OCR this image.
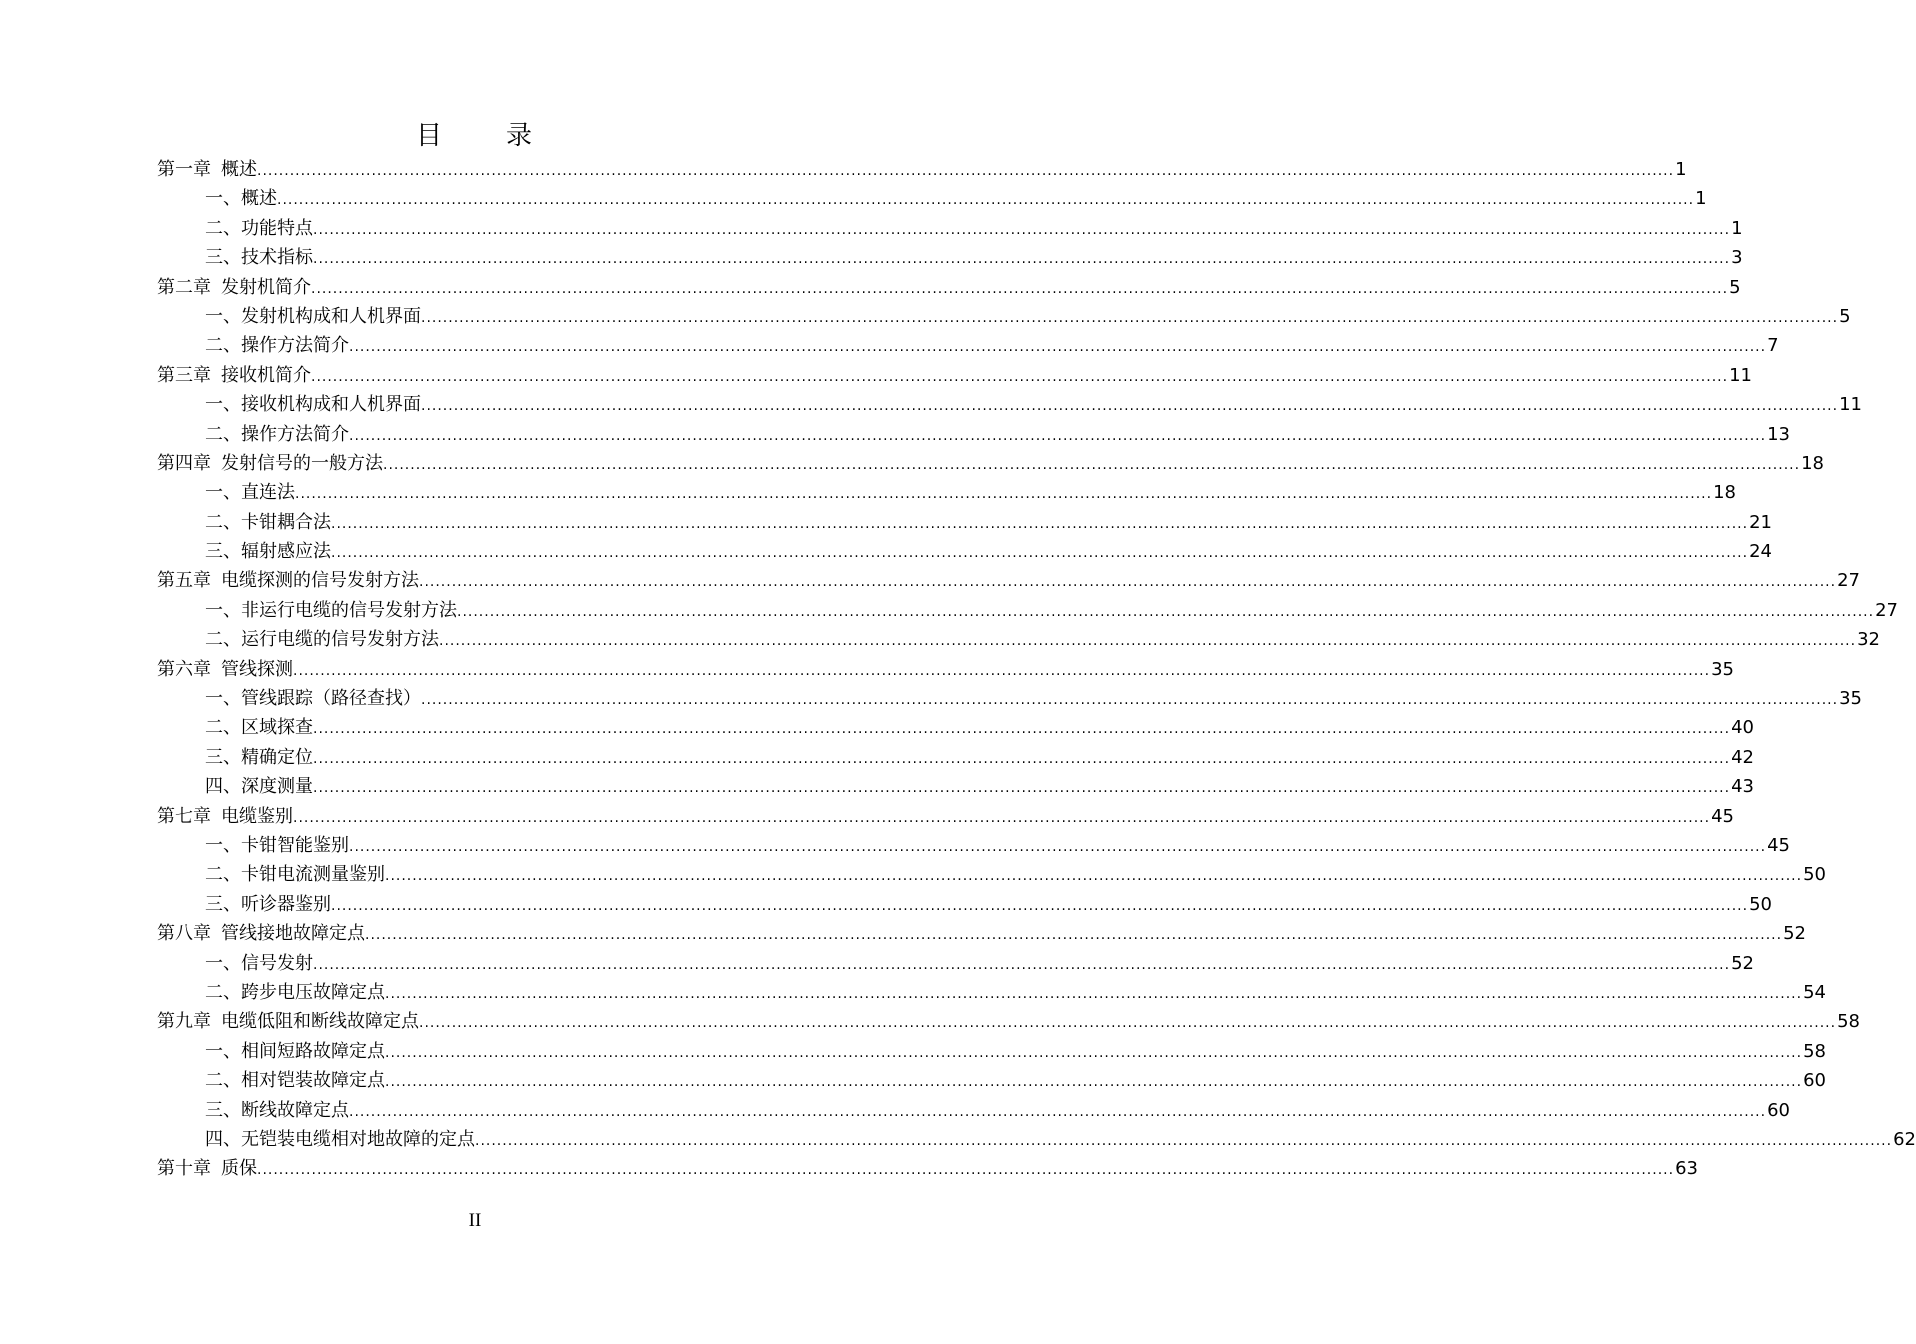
目 录
第一章 概述 .................................................................................................................................................................................................................................................................... 1
一、概述 .................................................................................................................................................................................................................................................................... 1
二、功能特点 .................................................................................................................................................................................................................................................................... 1
三、技术指标 .................................................................................................................................................................................................................................................................... 3
第二章 发射机简介 .................................................................................................................................................................................................................................................................... 5
一、发射机构成和人机界面 .................................................................................................................................................................................................................................................................... 5
二、操作方法简介 .................................................................................................................................................................................................................................................................... 7
第三章 接收机简介 .................................................................................................................................................................................................................................................................... 11
一、接收机构成和人机界面 .................................................................................................................................................................................................................................................................... 11
二、操作方法简介 .................................................................................................................................................................................................................................................................... 13
第四章 发射信号的一般方法 .................................................................................................................................................................................................................................................................... 18
一、直连法 .................................................................................................................................................................................................................................................................... 18
二、卡钳耦合法 .................................................................................................................................................................................................................................................................... 21
三、辐射感应法 .................................................................................................................................................................................................................................................................... 24
第五章 电缆探测的信号发射方法 .................................................................................................................................................................................................................................................................... 27
一、非运行电缆的信号发射方法 .................................................................................................................................................................................................................................................................... 27
二、运行电缆的信号发射方法 .................................................................................................................................................................................................................................................................... 32
第六章 管线探测 .................................................................................................................................................................................................................................................................... 35
一、管线跟踪（路径查找） .................................................................................................................................................................................................................................................................... 35
二、区域探查 .................................................................................................................................................................................................................................................................... 40
三、精确定位 .................................................................................................................................................................................................................................................................... 42
四、深度测量 .................................................................................................................................................................................................................................................................... 43
第七章 电缆鉴别 .................................................................................................................................................................................................................................................................... 45
一、卡钳智能鉴别 .................................................................................................................................................................................................................................................................... 45
二、卡钳电流测量鉴别 .................................................................................................................................................................................................................................................................... 50
三、听诊器鉴别 .................................................................................................................................................................................................................................................................... 50
第八章 管线接地故障定点 .................................................................................................................................................................................................................................................................... 52
一、信号发射 .................................................................................................................................................................................................................................................................... 52
二、跨步电压故障定点 .................................................................................................................................................................................................................................................................... 54
第九章 电缆低阻和断线故障定点 .................................................................................................................................................................................................................................................................... 58
一、相间短路故障定点 .................................................................................................................................................................................................................................................................... 58
二、相对铠装故障定点 .................................................................................................................................................................................................................................................................... 60
三、断线故障定点 .................................................................................................................................................................................................................................................................... 60
四、无铠装电缆相对地故障的定点 .................................................................................................................................................................................................................................................................... 62
第十章 质保 .................................................................................................................................................................................................................................................................... 63
II
